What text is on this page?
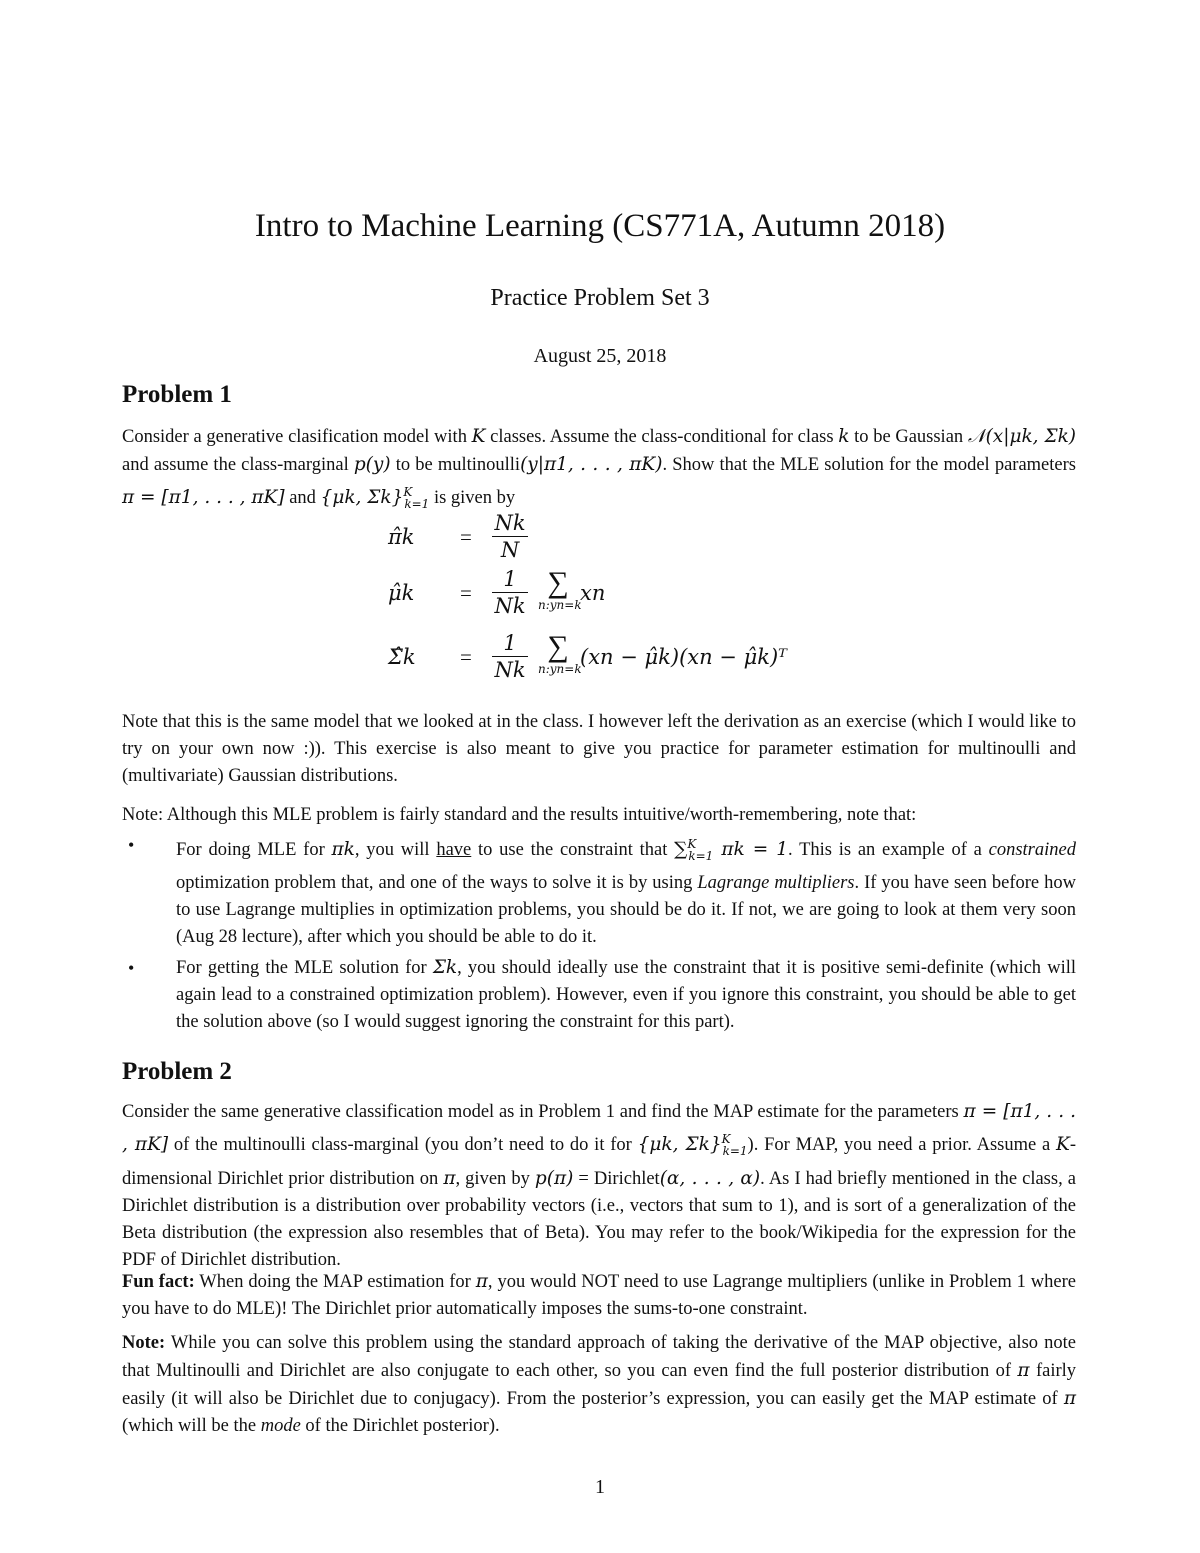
Intro to Machine Learning (CS771A, Autumn 2018)
Practice Problem Set 3
August 25, 2018
Problem 1
Consider a generative clasification model with K classes. Assume the class-conditional for class k to be Gaussian 𝒩(x|μk, Σk) and assume the class-marginal p(y) to be multinoulli(y|π1, . . . , πK). Show that the MLE solution for the model parameters π = [π1, . . . , πK] and {μk, Σk}$^K_{k=1}$ is given by
π̂k	= $\frac{Nk}{N}$
μ̂k	= $\frac{1}{Nk}$ ∑
n:yn=k
xn
Σ̂k	= $\frac{1}{Nk}$ ∑
n:yn=k
(xn − μ̂k)(xn − μ̂k)ᵀ
Note that this is the same model that we looked at in the class. I however left the derivation as an exercise (which I would like to try on your own now :)). This exercise is also meant to give you practice for parameter estimation for multinoulli and (multivariate) Gaussian distributions.
Note: Although this MLE problem is fairly standard and the results intuitive/worth-remembering, note that:
• For doing MLE for πk, you will have to use the constraint that ∑$^K_{k=1}$ πk = 1. This is an example of a constrained optimization problem that, and one of the ways to solve it is by using Lagrange multipliers. If you have seen before how to use Lagrange multiplies in optimization problems, you should be do it. If not, we are going to look at them very soon (Aug 28 lecture), after which you should be able to do it.
• For getting the MLE solution for Σk, you should ideally use the constraint that it is positive semi-definite (which will again lead to a constrained optimization problem). However, even if you ignore this constraint, you should be able to get the solution above (so I would suggest ignoring the constraint for this part).
Problem 2
Consider the same generative classification model as in Problem 1 and find the MAP estimate for the parameters π = [π1, . . . , πK] of the multinoulli class-marginal (you don’t need to do it for {μk, Σk}$^K_{k=1}$). For MAP, you need a prior. Assume a K-dimensional Dirichlet prior distribution on π, given by p(π) = Dirichlet(α, . . . , α). As I had briefly mentioned in the class, a Dirichlet distribution is a distribution over probability vectors (i.e., vectors that sum to 1), and is sort of a generalization of the Beta distribution (the expression also resembles that of Beta). You may refer to the book/Wikipedia for the expression for the PDF of Dirichlet distribution.
Fun fact: When doing the MAP estimation for π, you would NOT need to use Lagrange multipliers (unlike in Problem 1 where you have to do MLE)! The Dirichlet prior automatically imposes the sums-to-one constraint.
Note: While you can solve this problem using the standard approach of taking the derivative of the MAP objective, also note that Multinoulli and Dirichlet are also conjugate to each other, so you can even find the full posterior distribution of π fairly easily (it will also be Dirichlet due to conjugacy). From the posterior’s expression, you can easily get the MAP estimate of π (which will be the mode of the Dirichlet posterior).
1
